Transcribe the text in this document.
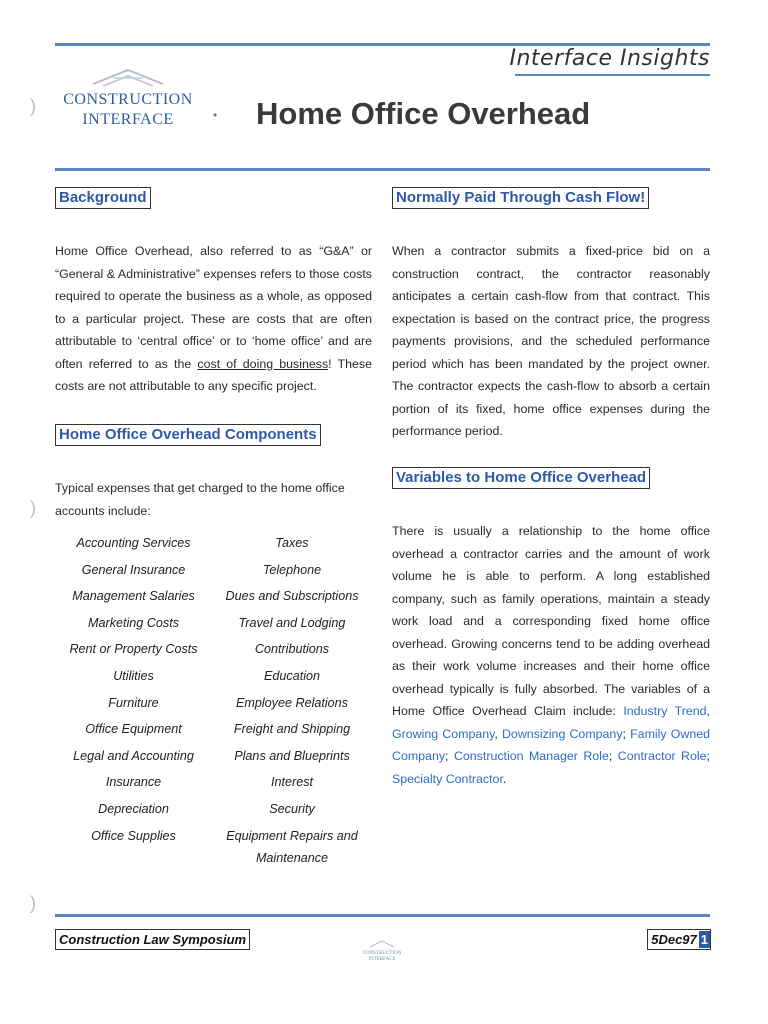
Interface Insights
CONSTRUCTION
INTERFACE
· · · · · ·
• Home Office Overhead
)
)
)
Background
Home Office Overhead, also referred to as “G&A” or “General & Administrative” expenses refers to those costs required to operate the business as a whole, as opposed to a particular project. These are costs that are often attributable to ‘central office’ or to ‘home office’ and are often referred to as the cost of doing business! These costs are not attributable to any specific project.
Home Office Overhead Components
Typical expenses that get charged to the home office accounts include:
Accounting Services
General Insurance
Management Salaries
Marketing Costs
Rent or Property Costs
Utilities
Furniture
Office Equipment
Legal and Accounting
Insurance
Depreciation
Office Supplies
Taxes
Telephone
Dues and Subscriptions
Travel and Lodging
Contributions
Education
Employee Relations
Freight and Shipping
Plans and Blueprints
Interest
Security
Equipment Repairs and Maintenance
Normally Paid Through Cash Flow!
When a contractor submits a fixed-price bid on a construction contract, the contractor reasonably anticipates a certain cash-flow from that contract. This expectation is based on the contract price, the progress payments provisions, and the scheduled performance period which has been mandated by the project owner. The contractor expects the cash-flow to absorb a certain portion of its fixed, home office expenses during the performance period.
Variables to Home Office Overhead
There is usually a relationship to the home office overhead a contractor carries and the amount of work volume he is able to perform. A long established company, such as family operations, maintain a steady work load and a corresponding fixed home office overhead. Growing concerns tend to be adding overhead as their work volume increases and their home office overhead typically is fully absorbed. The variables of a Home Office Overhead Claim include: Industry Trend, Growing Company, Downsizing Company; Family Owned Company; Construction Manager Role; Contractor Role; Specialty Contractor.
Construction Law Symposium
CONSTRUCTION INTERFACE
5Dec97 1
